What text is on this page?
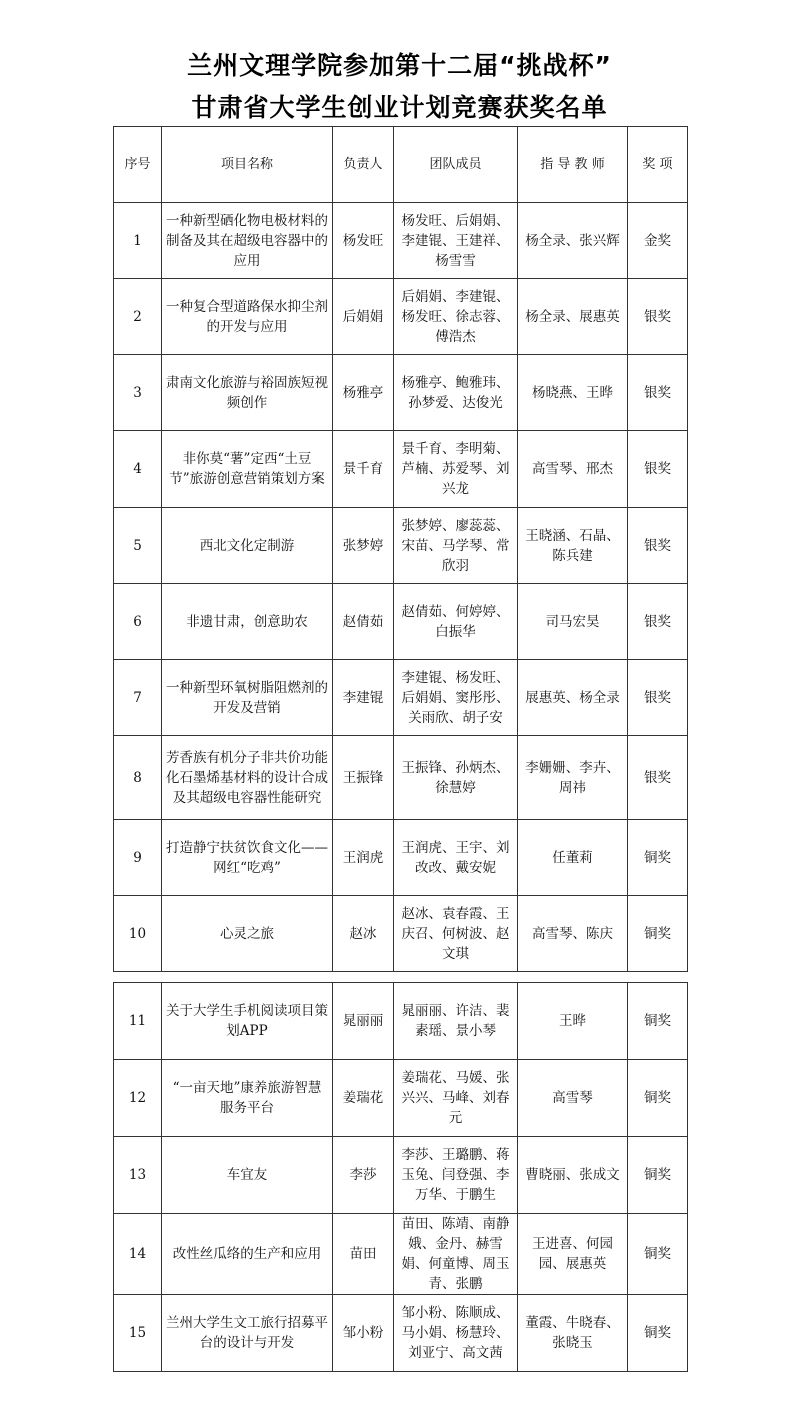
兰州文理学院参加第十二届“挑战杯”
甘肃省大学生创业计划竞赛获奖名单
序号	项目名称	负责人	团队成员	指 导 教 师	奖 项
1	一种新型硒化物电极材料的制备及其在超级电容器中的应用	杨发旺	杨发旺、后娟娟、李建锟、王建祥、杨雪雪	杨全录、张兴辉	金奖
2	一种复合型道路保水抑尘剂的开发与应用	后娟娟	后娟娟、李建锟、杨发旺、徐志蓉、傅浩杰	杨全录、展惠英	银奖
3	肃南文化旅游与裕固族短视频创作	杨雅亭	杨雅亭、鲍雅玮、孙梦爱、达俊光	杨晓燕、王晔	银奖
4	非你莫“薯”定西“土豆节”旅游创意营销策划方案	景千育	景千育、李明菊、芦楠、苏爱琴、刘兴龙	高雪琴、邢杰	银奖
5	西北文化定制游	张梦婷	张梦婷、廖蕊蕊、宋苗、马学琴、常欣羽	王晓涵、石晶、陈兵建	银奖
6	非遗甘肃，创意助农	赵倩茹	赵倩茹、何婷婷、白振华	司马宏昊	银奖
7	一种新型环氧树脂阻燃剂的开发及营销	李建锟	李建锟、杨发旺、后娟娟、窦彤彤、关雨欣、胡子安	展惠英、杨全录	银奖
8	芳香族有机分子非共价功能化石墨烯基材料的设计合成及其超级电容器性能研究	王振锋	王振锋、孙炳杰、徐慧婷	李姗姗、李卉、周祎	银奖
9	打造静宁扶贫饮食文化——网红“吃鸡”	王润虎	王润虎、王宇、刘改改、戴安妮	任董莉	铜奖
10	心灵之旅	赵冰	赵冰、袁春霞、王庆召、何树波、赵文琪	高雪琴、陈庆	铜奖
11	关于大学生手机阅读项目策划APP	晁丽丽	晁丽丽、许洁、裴素瑶、景小琴	王晔	铜奖
12	“一亩天地”康养旅游智慧服务平台	姜瑞花	姜瑞花、马媛、张兴兴、马峰、刘春元	高雪琴	铜奖
13	车宜友	李莎	李莎、王璐鹏、蒋玉兔、闫登强、李万华、于鹏生	曹晓丽、张成文	铜奖
14	改性丝瓜络的生产和应用	苗田	苗田、陈靖、南静娥、金丹、赫雪娟、何童博、周玉青、张鹏	王进喜、何园园、展惠英	铜奖
15	兰州大学生文工旅行招募平台的设计与开发	邹小粉	邹小粉、陈顺成、马小娟、杨慧玲、刘亚宁、高文茜	董霞、牛晓春、张晓玉	铜奖
